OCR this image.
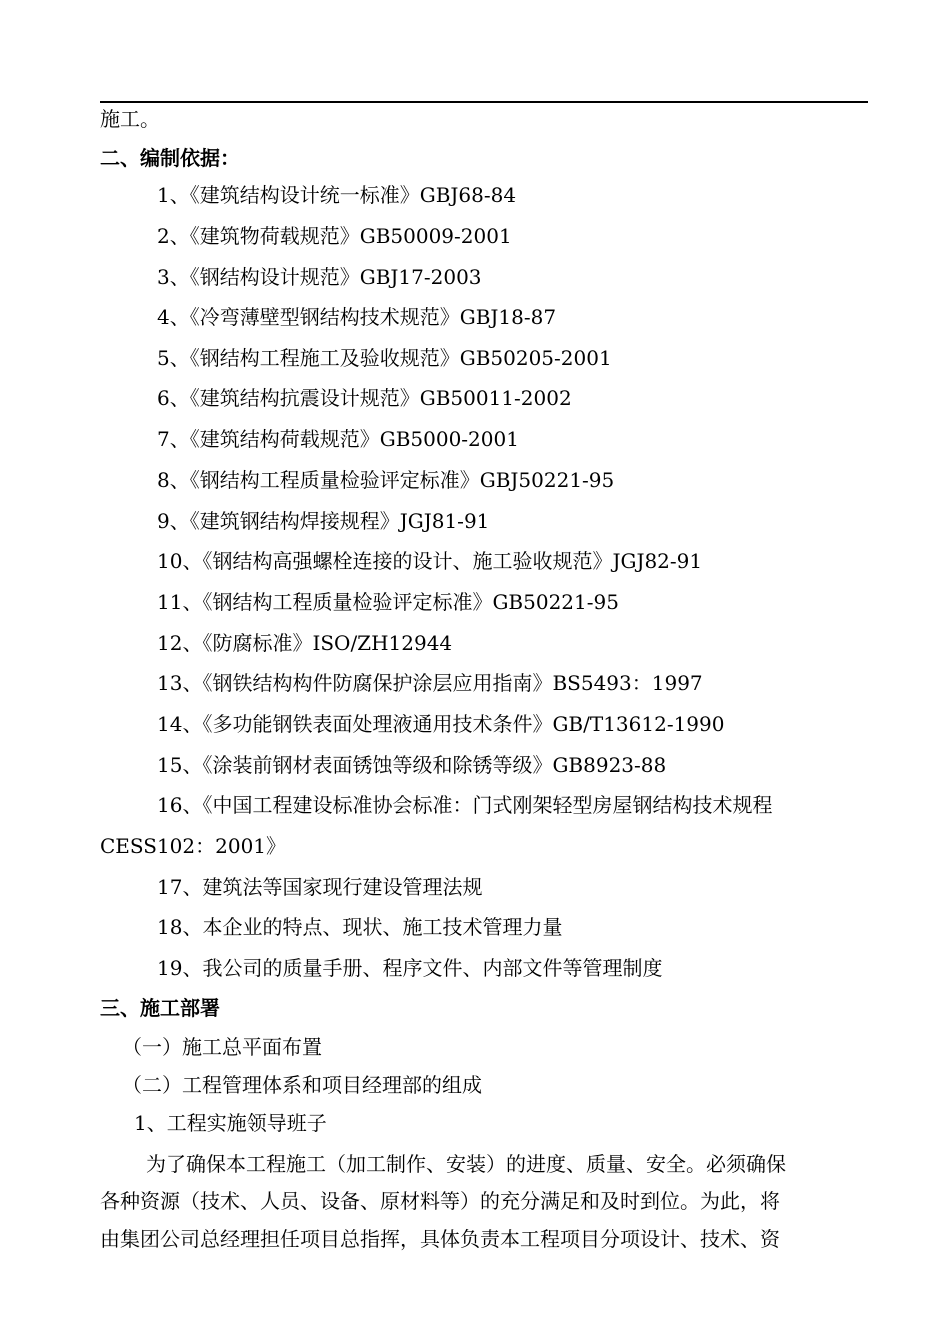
施工。
二、编制依据：
1、《建筑结构设计统一标准》GBJ68-84
2、《建筑物荷载规范》GB50009-2001
3、《钢结构设计规范》GBJ17-2003
4、《冷弯薄壁型钢结构技术规范》GBJ18-87
5、《钢结构工程施工及验收规范》GB50205-2001
6、《建筑结构抗震设计规范》GB50011-2002
7、《建筑结构荷载规范》GB5000-2001
8、《钢结构工程质量检验评定标准》GBJ50221-95
9、《建筑钢结构焊接规程》JGJ81-91
10、《钢结构高强螺栓连接的设计、施工验收规范》JGJ82-91
11、《钢结构工程质量检验评定标准》GB50221-95
12、《防腐标准》ISO/ZH12944
13、《钢铁结构构件防腐保护涂层应用指南》BS5493：1997
14、《多功能钢铁表面处理液通用技术条件》GB/T13612-1990
15、《涂装前钢材表面锈蚀等级和除锈等级》GB8923-88
16、《中国工程建设标准协会标准：门式刚架轻型房屋钢结构技术规程
CESS102：2001》
17、建筑法等国家现行建设管理法规
18、本企业的特点、现状、施工技术管理力量
19、我公司的质量手册、程序文件、内部文件等管理制度
三、施工部署
（一）施工总平面布置
（二）工程管理体系和项目经理部的组成
1、工程实施领导班子
为了确保本工程施工（加工制作、安装）的进度、质量、安全。必须确保
各种资源（技术、人员、设备、原材料等）的充分满足和及时到位。为此，将
由集团公司总经理担任项目总指挥，具体负责本工程项目分项设计、技术、资
